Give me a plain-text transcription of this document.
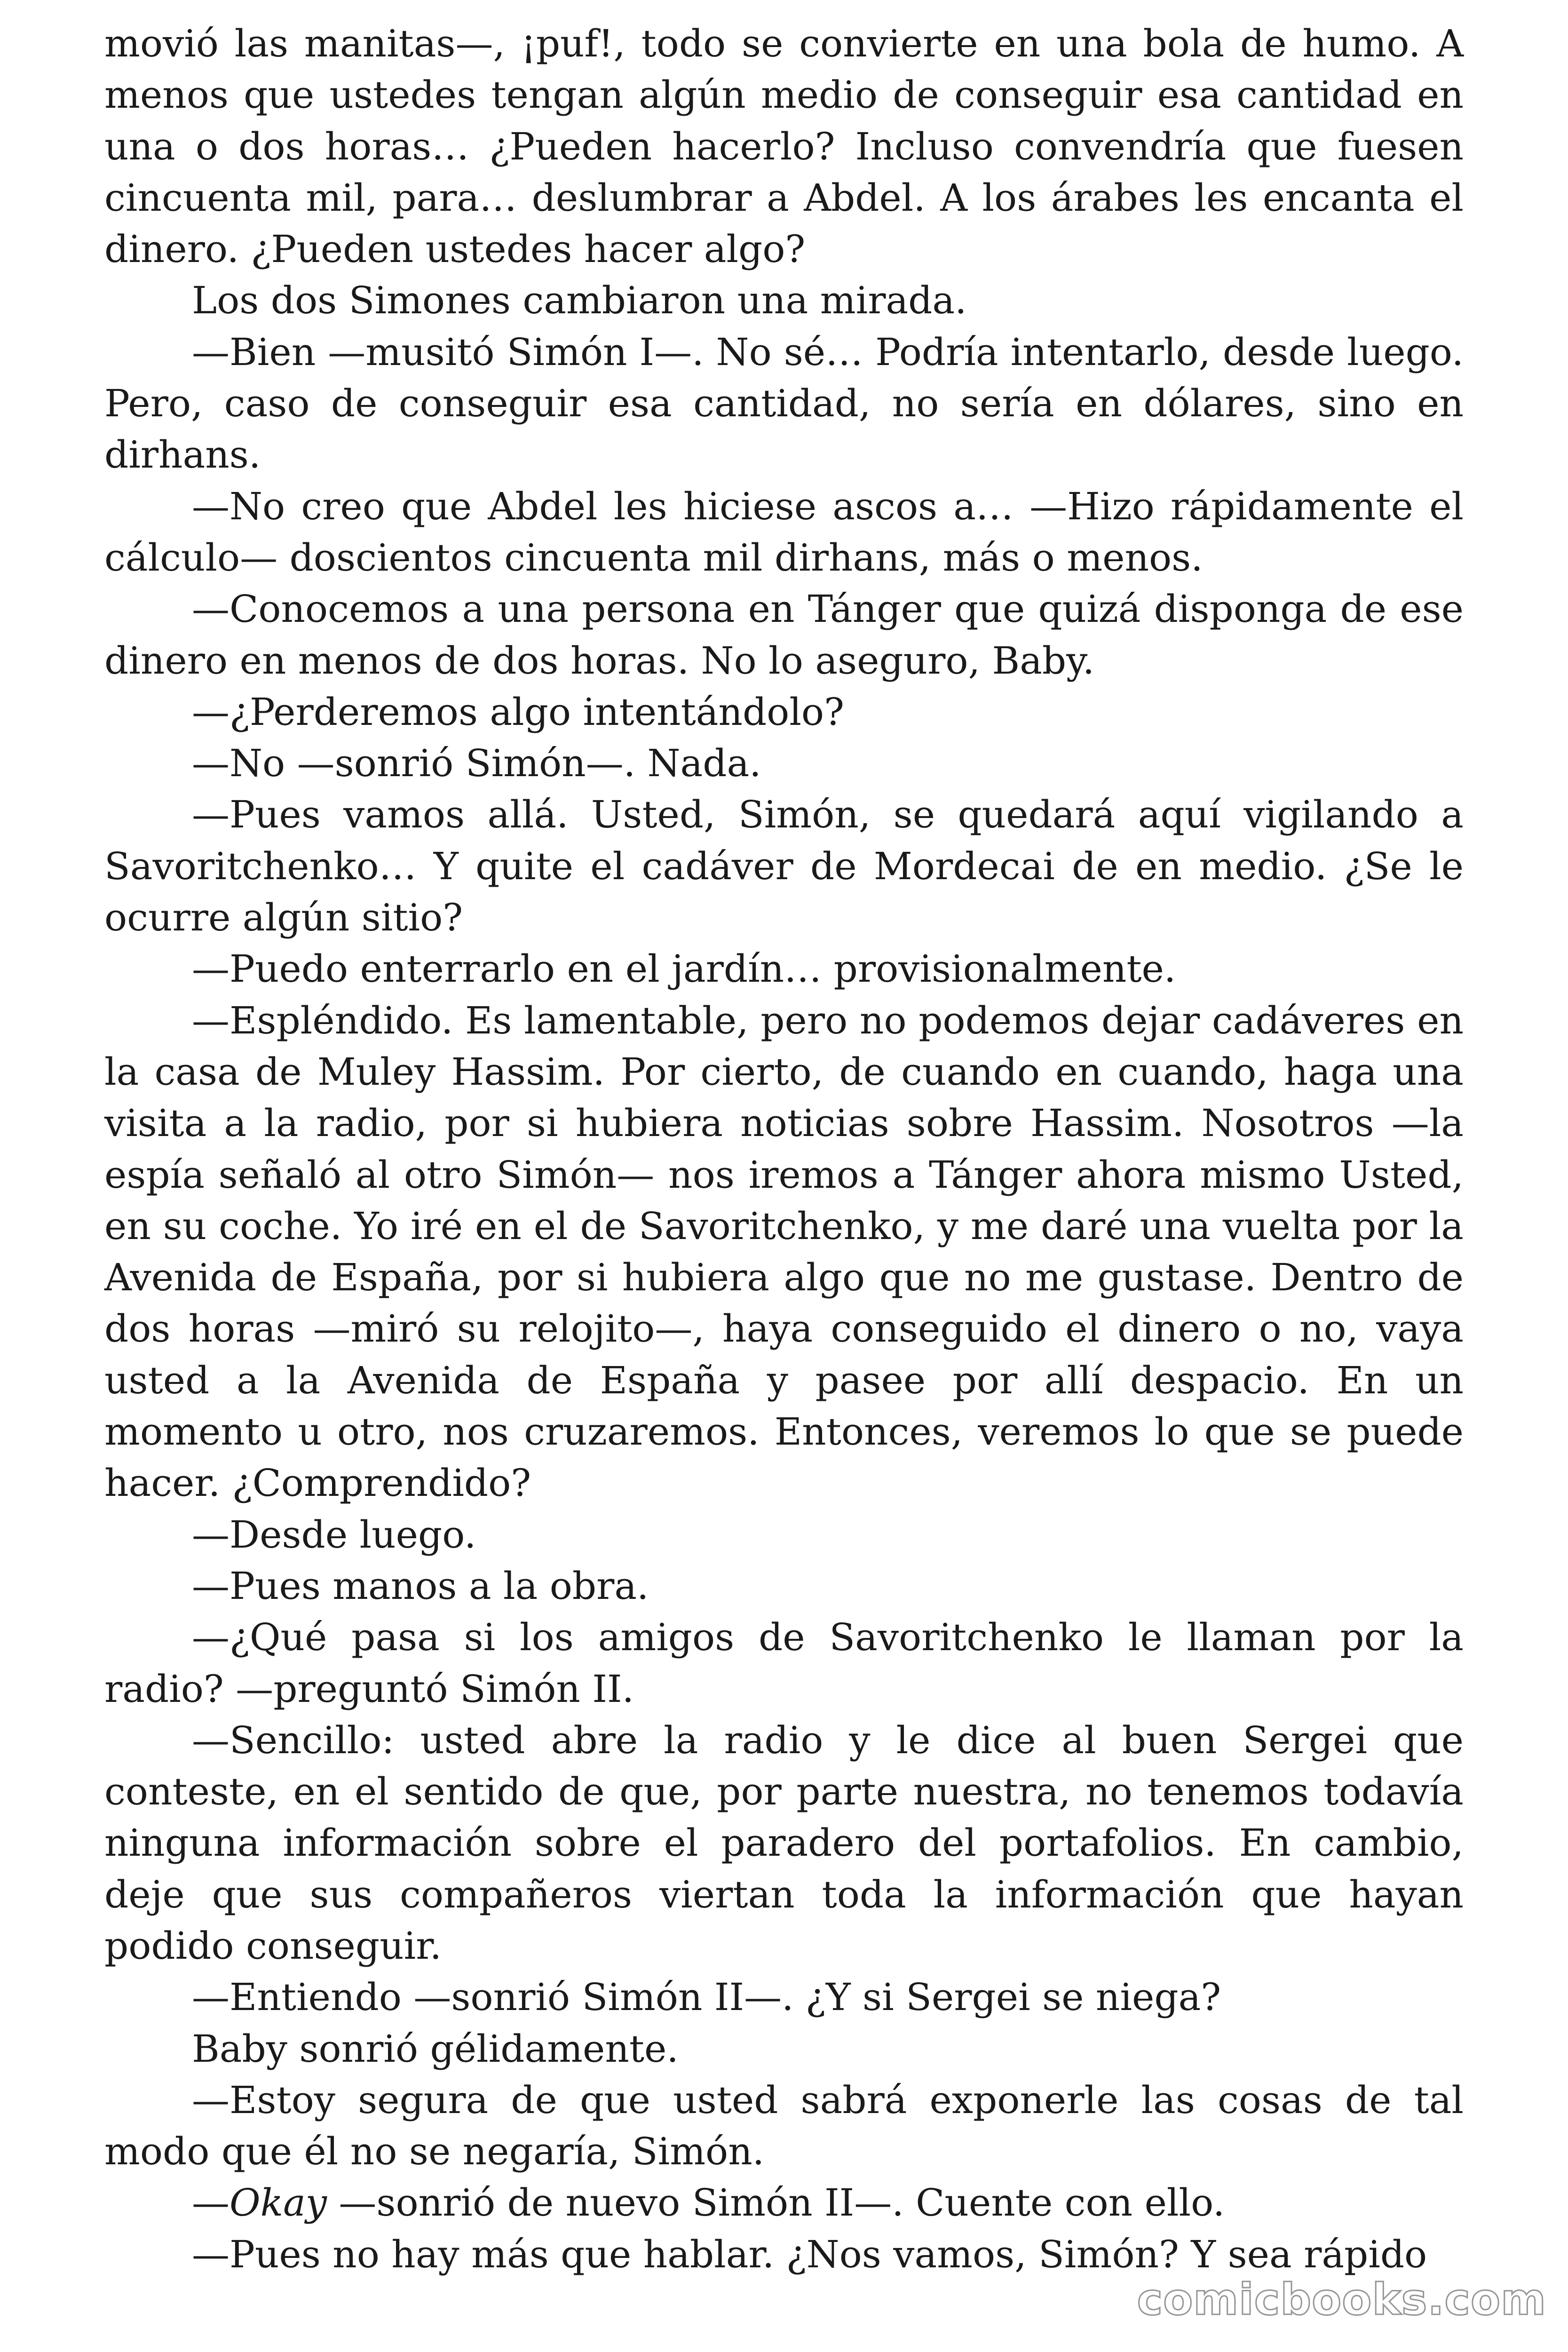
movió las manitas—, ¡puf!, todo se convierte en una bola de humo. A menos que ustedes tengan algún medio de conseguir esa cantidad en una o dos horas… ¿Pueden hacerlo? Incluso convendría que fuesen cincuenta mil, para… deslumbrar a Abdel. A los árabes les encanta el dinero. ¿Pueden ustedes hacer algo?

Los dos Simones cambiaron una mirada.

—Bien —musitó Simón I—. No sé… Podría intentarlo, desde luego. Pero, caso de conseguir esa cantidad, no sería en dólares, sino en dirhans.

—No creo que Abdel les hiciese ascos a… —Hizo rápidamente el cálculo— doscientos cincuenta mil dirhans, más o menos.

—Conocemos a una persona en Tánger que quizá disponga de ese dinero en menos de dos horas. No lo aseguro, Baby.

—¿Perderemos algo intentándolo?

—No —sonrió Simón—. Nada.

—Pues vamos allá. Usted, Simón, se quedará aquí vigilando a Savoritchenko… Y quite el cadáver de Mordecai de en medio. ¿Se le ocurre algún sitio?

—Puedo enterrarlo en el jardín… provisionalmente.

—Espléndido. Es lamentable, pero no podemos dejar cadáveres en la casa de Muley Hassim. Por cierto, de cuando en cuando, haga una visita a la radio, por si hubiera noticias sobre Hassim. Nosotros —la espía señaló al otro Simón— nos iremos a Tánger ahora mismo Usted, en su coche. Yo iré en el de Savoritchenko, y me daré una vuelta por la Avenida de España, por si hubiera algo que no me gustase. Dentro de dos horas —miró su relojito—, haya conseguido el dinero o no, vaya usted a la Avenida de España y pasee por allí despacio. En un momento u otro, nos cruzaremos. Entonces, veremos lo que se puede hacer. ¿Comprendido?

—Desde luego.

—Pues manos a la obra.

—¿Qué pasa si los amigos de Savoritchenko le llaman por la radio? —preguntó Simón II.

—Sencillo: usted abre la radio y le dice al buen Sergei que conteste, en el sentido de que, por parte nuestra, no tenemos todavía ninguna información sobre el paradero del portafolios. En cambio, deje que sus compañeros viertan toda la información que hayan podido conseguir.

—Entiendo —sonrió Simón II—. ¿Y si Sergei se niega?

Baby sonrió gélidamente.

—Estoy segura de que usted sabrá exponerle las cosas de tal modo que él no se negaría, Simón.

—Okay —sonrió de nuevo Simón II—. Cuente con ello.

—Pues no hay más que hablar. ¿Nos vamos, Simón? Y sea rápido

comicbooks.com
